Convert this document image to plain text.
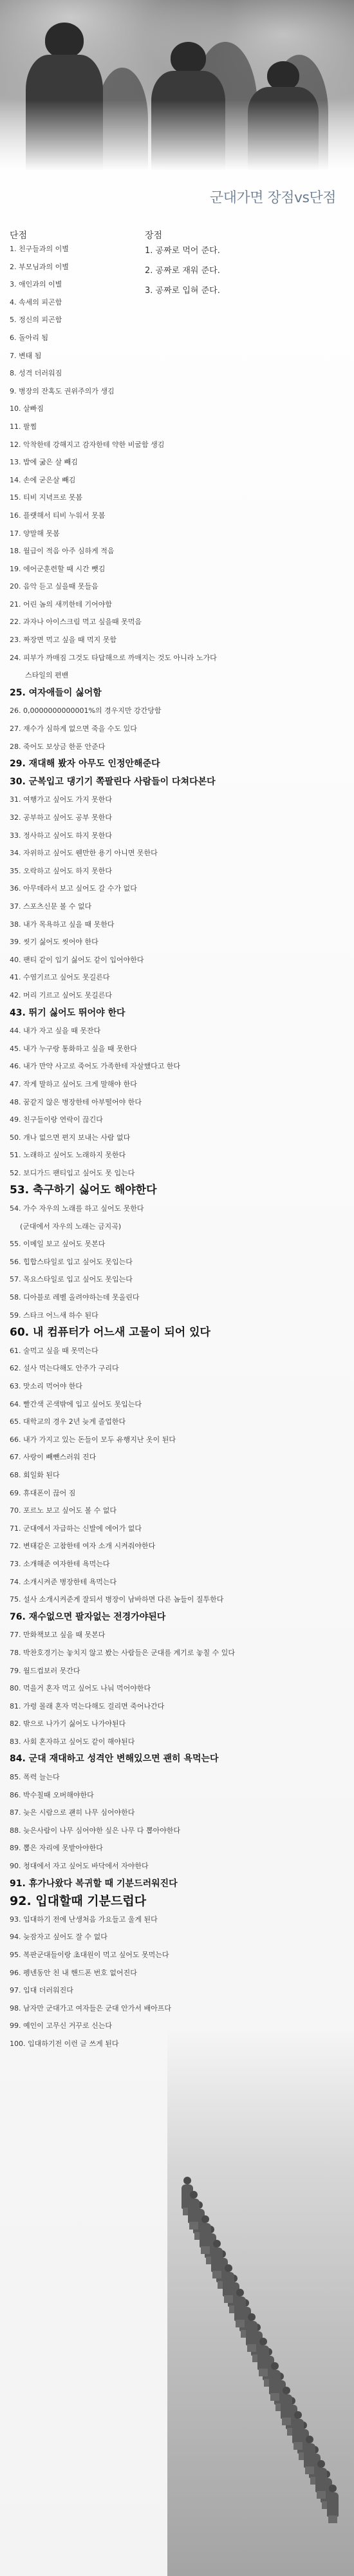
군대가면 장점vs단점
단점	장점
1. 공짜로 먹어 준다.
2. 공짜로 재워 준다.
3. 공짜로 입혀 준다.
1. 친구들과의 이별
2. 부모님과의 이별
3. 애인과의 이별
4. 속세의 피곤함
5. 정신의 피곤함
6. 돌아리 됨
7. 변태 됨
8. 성격 더러워짐
9. 병장의 잔혹도 권위주의가 생김
10. 살빠짐
11. 팔찜
12. 악착한테 강해지고 감자한테 약한 비굴함 생김
13. 밥에 굶은 살 빼김
14. 손에 굳은살 빼김
15. 티비 지녁프로 못봄
16. 플랫해서 티비 누워서 못봄
17. 양말해 못봄
18. 월급이 적음 아주 심하게 적음
19. 에어군훈련할 때 시간 뺏김
20. 음악 듣고 싶을때 못들음
21. 어린 놈의 새끼한테 기어야함
22. 과자나 아이스크림 먹고 싶을때 못먹음
23. 짜장면 먹고 싶을 때 먹지 못함
24. 피부가 까매짐 그것도 타답해으로 까매지는 것도 아니라 노가다
스타일의 편밴
25. 여자애들이 싫어함
26. 0,0000000000001%의 경우지만 강간당함
27. 재수가 심하게 없으면 죽을 수도 있다
28. 죽어도 보상금 한푼 안준다
29. 재대해 봤자 아무도 인정안해준다
30. 군복입고 댕기기 쪽팔린다 사람들이 다쳐다본다
31. 여행가고 싶어도 가지 못한다
32. 공부하고 싶어도 공부 못한다
33. 정사하고 싶어도 하지 못한다
34. 자위하고 싶어도 웬만한 용기 아니면 못한다
35. 오락하고 싶어도 하지 못한다
36. 아무데라서 보고 싶어도 갈 수가 없다
37. 스포츠신문 볼 수 없다
38. 내가 목욕하고 싶을 때 못한다
39. 씻기 싫어도 씻어야 한다
40. 팬티 같이 입기 싫어도 같이 입어야한다
41. 수염기르고 싶어도 못길른다
42. 머리 기르고 싶어도 못길른다
43. 뛰기 싫어도 뛰어야 한다
44. 내가 자고 싶을 때 못잔다
45. 내가 누구랑 통화하고 싶을 때 못한다
46. 내가 만약 사고로 죽어도 가족한테 자살했다고 한다
47. 작게 말하고 싶어도 크게 말해야 한다
48. 꿈같지 않은 병장한테 아부떨어야 한다
49. 친구들이랑 연락이 끊긴다
50. 개나 없으면 편지 보내는 사람 없다
51. 노래하고 싶어도 노래하지 못한다
52. 보디가드 팬티입고 싶어도 못 입는다
53. 축구하기 싫어도 해야한다
54. 가수 자우의 노래를 하고 싶어도 못한다
(군대에서 자우의 노래는 금지곡)
55. 이메일 보고 싶어도 못본다
56. 힙합스타일로 입고 싶어도 못입는다
57. 목요스타일로 입고 싶어도 못입는다
58. 디아블로 레벨 올려야하는데 못올린다
59. 스타크 어느새 하수 된다
60. 내 컴퓨터가 어느새 고물이 되어 있다
61. 술먹고 싶을 때 못먹는다
62. 설사 먹는다해도 안주가 구리다
63. 맛소리 먹어야 한다
64. 빨간색 곤색밖에 입고 싶어도 못입는다
65. 대학교의 경우 2년 늦게 졸업한다
66. 내가 가지고 있는 돈들이 모두 유행지난 옷이 된다
67. 사랑이 빼뺀스러워 진다
68. 회일화 된다
69. 휴대폰이 끊어 짐
70. 포르노 보고 싶어도 볼 수 없다
71. 군대에서 자급하는 신발에 에어가 없다
72. 변태같은 고참한테 여자 소개 시켜줘야한다
73. 소개해준 여자한테 욕먹는다
74. 소개시켜준 병장한테 욕먹는다
75. 설사 소개시켜준게 잘되서 병장이 남바하면 다른 놈들이 질투한다
76. 재수없으면 팔자없는 전경가야된다
77. 만화책보고 싶을 때 못본다
78. 박찬호경기는 놓치지 않고 봤는 사람들은 군대를 계기로 놓칠 수 있다
79. 월드컵보러 못간다
80. 먹을거 혼자 먹고 싶어도 나눠 먹어야한다
81. 가령 몰래 혼자 먹는다해도 걸리면 죽어나간다
82. 밖으로 나가기 싫어도 나가야된다
83. 사회 혼자하고 싶어도 같이 해야된다
84. 군대 재대하고 성격안 변해있으면 괜히 욕먹는다
85. 폭력 늘는다
86. 박수칠때 오버해야한다
87. 늦은 시람으로 괜히 나무 심어야한다
88. 늦은사람이 나무 심어야한 싶은 나무 다 뽑아야한다
89. 뽑은 자리에 못밭아야한다
90. 청대에서 자고 싶어도 바닥에서 자야한다
91. 휴가나왔다 복귀할 때 기분드러워진다
92. 입대할때 기분드럽다
93. 입대하기 전에 난생처음 가요들고 울게 된다
94. 늦잠자고 싶어도 잘 수 없다
95. 복판군대들이랑 초대원이 먹고 싶어도 못먹는다
96. 펭넨동안 친 내 핸드폰 번호 없어진다
97. 입대 더러워진다
98. 남자만 군대가고 여자들은 군대 안가서 배아프다
99. 예인이 고무신 거꾸로 신는다
100. 입대하기전 이런 글 쓰게 된다
